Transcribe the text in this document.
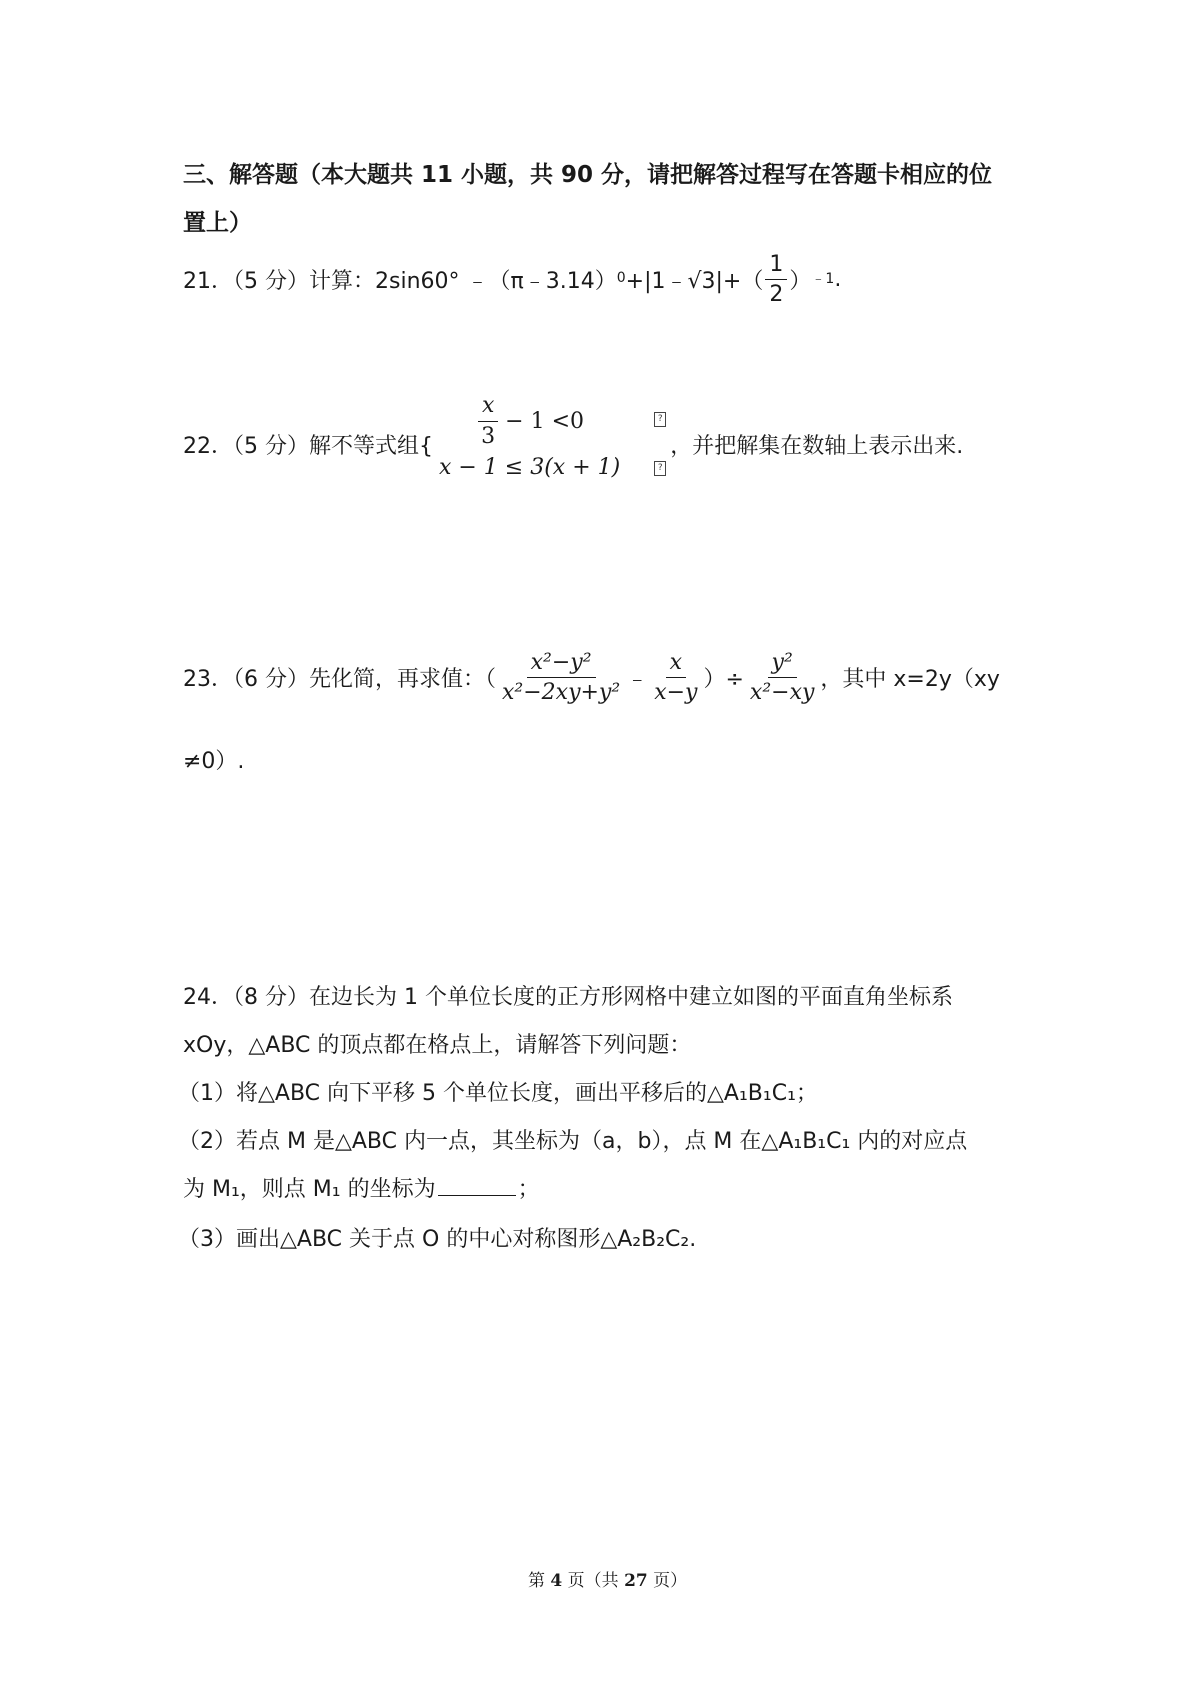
三、解答题（本大题共 11 小题，共 90 分，请把解答过程写在答题卡相应的位
置上）
21．（5 分）计算： 2sin60° ﹣（π﹣3.14） 0 +|1﹣√3|+（ $\frac{1}{2}$ ） ﹣1 .
22．（5 分）解不等式组{ $\frac{x}{3} - 1 <0$
x − 1 ≤ 3(x + 1)
?
?
，并把解集在数轴上表示出来.
23．（6 分）先化简，再求值：（ $\frac{\text{x²−y²}}{\text{x²−2xy+y²}}$ ﹣ $\frac{x}{x-y}$ ）÷ $\frac{\text{y²}}{\text{x²−xy}}$ ，其中 x=2y（xy
≠0）.
24．（8 分）在边长为 1 个单位长度的正方形网格中建立如图的平面直角坐标系
xOy，△ABC 的顶点都在格点上，请解答下列问题：
（1）将△ABC 向下平移 5 个单位长度，画出平移后的△A₁B₁C₁；
（2）若点 M 是△ABC 内一点，其坐标为（a，b），点 M 在△A₁B₁C₁ 内的对应点
为 M₁，则点 M₁ 的坐标为	；
（3）画出△ABC 关于点 O 的中心对称图形△A₂B₂C₂.
第 4 页（共 27 页）
